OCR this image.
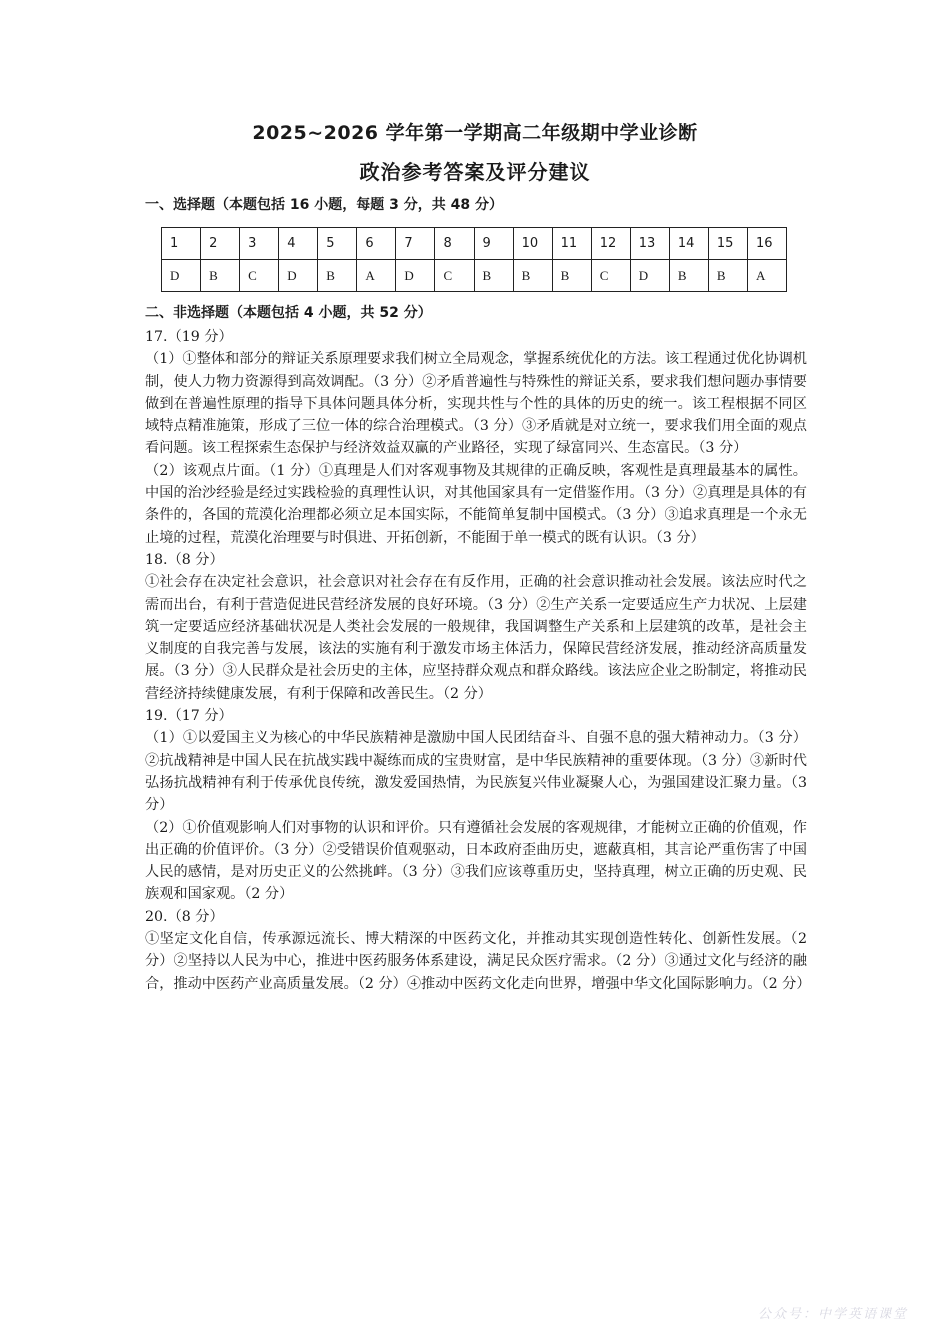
2025~2026 学年第一学期高二年级期中学业诊断
政治参考答案及评分建议
一、选择题（本题包括 16 小题，每题 3 分，共 48 分）
1	2	3	4	5	6	7	8	9	10	11	12	13	14	15	16
D	B	C	D	B	A	D	C	B	B	B	C	D	B	B	A
二、非选择题（本题包括 4 小题，共 52 分）

17.（19 分）

（1）①整体和部分的辩证关系原理要求我们树立全局观念，掌握系统优化的方法。该工程通过优化协调机制，使人力物力资源得到高效调配。（3 分）②矛盾普遍性与特殊性的辩证关系，要求我们想问题办事情要做到在普遍性原理的指导下具体问题具体分析，实现共性与个性的具体的历史的统一。该工程根据不同区域特点精准施策，形成了三位一体的综合治理模式。（3 分）③矛盾就是对立统一，要求我们用全面的观点看问题。该工程探索生态保护与经济效益双赢的产业路径，实现了绿富同兴、生态富民。（3 分）

（2）该观点片面。（1 分）①真理是人们对客观事物及其规律的正确反映，客观性是真理最基本的属性。中国的治沙经验是经过实践检验的真理性认识，对其他国家具有一定借鉴作用。（3 分）②真理是具体的有条件的，各国的荒漠化治理都必须立足本国实际，不能简单复制中国模式。（3 分）③追求真理是一个永无止境的过程，荒漠化治理要与时俱进、开拓创新，不能囿于单一模式的既有认识。（3 分）

18.（8 分）

①社会存在决定社会意识，社会意识对社会存在有反作用，正确的社会意识推动社会发展。该法应时代之需而出台，有利于营造促进民营经济发展的良好环境。（3 分）②生产关系一定要适应生产力状况、上层建筑一定要适应经济基础状况是人类社会发展的一般规律，我国调整生产关系和上层建筑的改革，是社会主义制度的自我完善与发展，该法的实施有利于激发市场主体活力，保障民营经济发展，推动经济高质量发展。（3 分）③人民群众是社会历史的主体，应坚持群众观点和群众路线。该法应企业之盼制定，将推动民营经济持续健康发展，有利于保障和改善民生。（2 分）

19.（17 分）

（1）①以爱国主义为核心的中华民族精神是激励中国人民团结奋斗、自强不息的强大精神动力。（3 分）②抗战精神是中国人民在抗战实践中凝练而成的宝贵财富，是中华民族精神的重要体现。（3 分）③新时代弘扬抗战精神有利于传承优良传统，激发爱国热情，为民族复兴伟业凝聚人心，为强国建设汇聚力量。（3 分）

（2）①价值观影响人们对事物的认识和评价。只有遵循社会发展的客观规律，才能树立正确的价值观，作出正确的价值评价。（3 分）②受错误价值观驱动，日本政府歪曲历史，遮蔽真相，其言论严重伤害了中国人民的感情，是对历史正义的公然挑衅。（3 分）③我们应该尊重历史，坚持真理，树立正确的历史观、民族观和国家观。（2 分）

20.（8 分）

①坚定文化自信，传承源远流长、博大精深的中医药文化，并推动其实现创造性转化、创新性发展。（2 分）②坚持以人民为中心，推进中医药服务体系建设，满足民众医疗需求。（2 分）③通过文化与经济的融合，推动中医药产业高质量发展。（2 分）④推动中医药文化走向世界，增强中华文化国际影响力。（2 分）

公众号：中学英语课堂
